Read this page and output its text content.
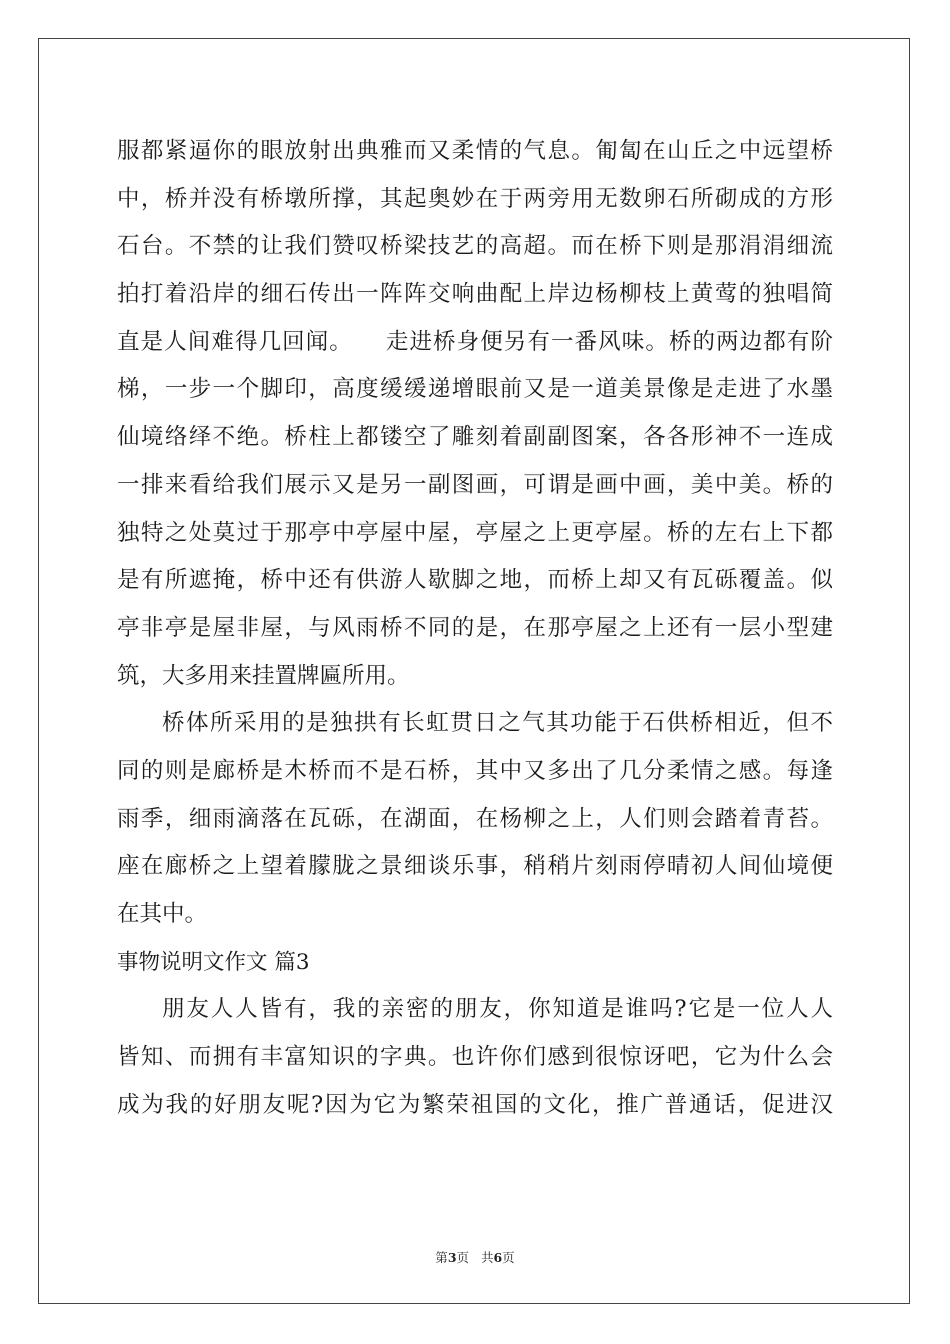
服都紧逼你的眼放射出典雅而又柔情的气息。匍匐在山丘之中远望桥
中，桥并没有桥墩所撑，其起奥妙在于两旁用无数卵石所砌成的方形
石台。不禁的让我们赞叹桥梁技艺的高超。而在桥下则是那涓涓细流
拍打着沿岸的细石传出一阵阵交响曲配上岸边杨柳枝上黄莺的独唱简
直是人间难得几回闻。    走进桥身便另有一番风味。桥的两边都有阶
梯，一步一个脚印，高度缓缓递增眼前又是一道美景像是走进了水墨
仙境络绎不绝。桥柱上都镂空了雕刻着副副图案，各各形神不一连成
一排来看给我们展示又是另一副图画，可谓是画中画，美中美。桥的
独特之处莫过于那亭中亭屋中屋，亭屋之上更亭屋。桥的左右上下都
是有所遮掩，桥中还有供游人歇脚之地，而桥上却又有瓦砾覆盖。似
亭非亭是屋非屋，与风雨桥不同的是，在那亭屋之上还有一层小型建
筑，大多用来挂置牌匾所用。
桥体所采用的是独拱有长虹贯日之气其功能于石供桥相近，但不
同的则是廊桥是木桥而不是石桥，其中又多出了几分柔情之感。每逢
雨季，细雨滴落在瓦砾，在湖面，在杨柳之上，人们则会踏着青苔。
座在廊桥之上望着朦胧之景细谈乐事，稍稍片刻雨停晴初人间仙境便
在其中。
事物说明文作文 篇3
朋友人人皆有，我的亲密的朋友，你知道是谁吗?它是一位人人
皆知、而拥有丰富知识的字典。也许你们感到很惊讶吧，它为什么会
成为我的好朋友呢?因为它为繁荣祖国的文化，推广普通话，促进汉
第3页 共6页
